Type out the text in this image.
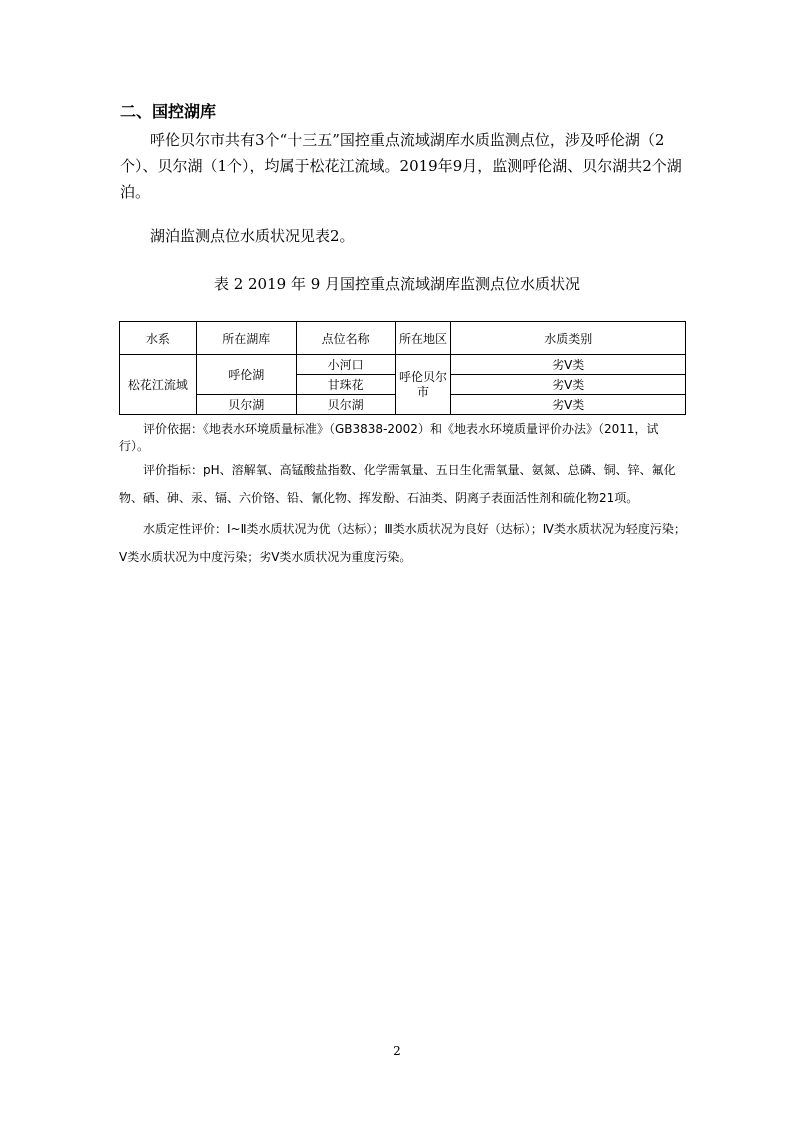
二、国控湖库

呼伦贝尔市共有3个“十三五”国控重点流域湖库水质监测点位，涉及呼伦湖（2个）、贝尔湖（1个），均属于松花江流域。2019年9月，监测呼伦湖、贝尔湖共2个湖泊。

湖泊监测点位水质状况见表2。

表 2 2019 年 9 月国控重点流域湖库监测点位水质状况
水系	所在湖库	点位名称	所在地区	水质类别
松花江流域	呼伦湖	小河口	呼伦贝尔市	劣Ⅴ类
		甘珠花		劣Ⅴ类
	贝尔湖	贝尔湖		劣Ⅴ类

评价依据：《地表水环境质量标准》（GB3838-2002）和《地表水环境质量评价办法》（2011，试行）。

评价指标：pH、溶解氧、高锰酸盐指数、化学需氧量、五日生化需氧量、氨氮、总磷、铜、锌、氟化物、硒、砷、汞、镉、六价铬、铅、氰化物、挥发酚、石油类、阴离子表面活性剂和硫化物21项。

水质定性评价：Ⅰ~Ⅱ类水质状况为优（达标）；Ⅲ类水质状况为良好（达标）；Ⅳ类水质状况为轻度污染；Ⅴ类水质状况为中度污染；劣Ⅴ类水质状况为重度污染。

2
